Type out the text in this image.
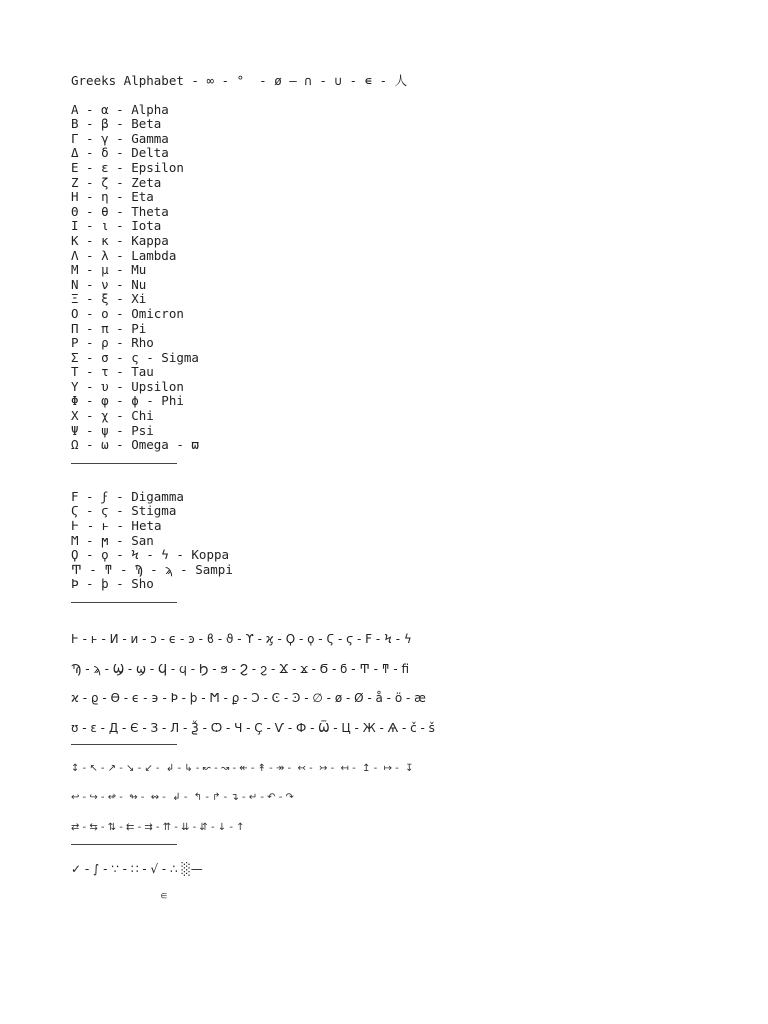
Greeks Alphabet - ∞ - °  - ø — ∩ - ∪ - ∊ - 人
Α - α - Alpha
Β - β - Beta
Γ - γ - Gamma
Δ - δ - Delta
Ε - ε - Epsilon
Ζ - ζ - Zeta
Η - η - Eta
Θ - θ - Theta
Ι - ι - Iota
Κ - κ - Kappa
Λ - λ - Lambda
Μ - μ - Mu
Ν - ν - Nu
Ξ - ξ - Xi
Ο - ο - Omicron
Π - π - Pi
Ρ - ρ - Rho
Σ - σ - ς - Sigma
Τ - τ - Tau
Υ - υ - Upsilon
Φ - φ - ϕ - Phi
Χ - χ - Chi
Ψ - ψ - Psi
Ω - ω - Omega - ϖ
Ϝ - ϝ - Digamma
Ϛ - ϛ - Stigma
Ͱ - ͱ - Heta
Ϻ - ϻ - San
Ϙ - ϙ - Ϟ - ϟ - Koppa
Ͳ - ͳ - Ϡ - ϡ - Sampi
Ϸ - ϸ - Sho
Ͱ - ͱ - И - и - ͻ - ϵ - ͽ - ϐ - ϑ - ϒ - ϗ - Ϙ - ϙ - Ϛ - ϛ - Ϝ - Ϟ - ϟ
Ϡ - ϡ - Ϣ - ϣ - Ϥ - ϥ - Ϧ - ϧ - Ϩ - ϩ - Ϫ - ϫ - Ϭ - ϭ - Ͳ - ͳ - ﬁ
ϰ - ϱ - ϴ - ϵ - ϶ - Ϸ - ϸ - Ϻ - ϼ - Ͻ - Ͼ - Ͽ - ∅ - ø - Ø - å - ö - æ
ʊ - ɛ - Д - Є - З - Л - Ѯ - Ѻ - Ч - Ҫ - Ѵ - Ф - Ѿ - Ц - Ж - Ѧ - č - š
↕ - ↖ - ↗ - ↘ - ↙ -  ↲ - ↳ - ↜ - ↝ - ↞ - ↟ - ↠ -  ↢ -  ↣ -  ↤ -  ↥ -  ↦ -  ↧
↩ - ↪ - ↫ -  ↬ -  ↭ -  ↲ -  ↰ - ↱ - ↴ - ↵ - ↶ - ↷
⇄ - ⇆ - ⇅ - ⇇ - ⇉ - ⇈ - ⇊ - ⇵ - ↓ - ↑
✓ - ∫ - ∵ - ∷ - √ - ∴ ░—
∊
